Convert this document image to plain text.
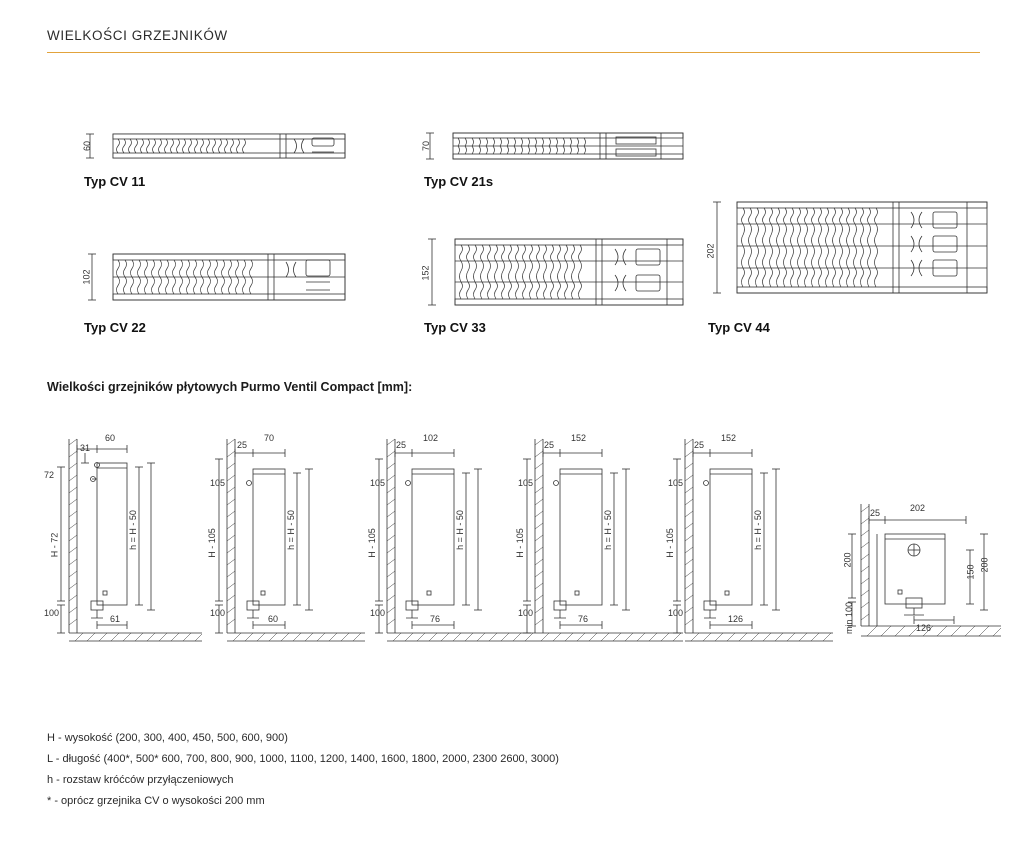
WIELKOŚCI GRZEJNIKÓW
60
Typ CV 11
70
Typ CV 21s
102
Typ CV 22
152
Typ CV 33
202
Typ CV 44
Wielkości grzejników płytowych Purmo Ventil Compact [mm]:
31
60
72
H - 72
100
h = H - 50
61
25
70
105
H - 105
100
h = H - 50
60
25
102
105
H - 105
100
h = H - 50
76
25
152
105
H - 105
100
h = H - 50
76
25
152
105
H - 105
100
h = H - 50
126
25	202
200
min 100
150 200
126
H - wysokość (200, 300, 400, 450, 500, 600, 900)
L - długość (400*, 500* 600, 700, 800, 900, 1000, 1100, 1200, 1400, 1600, 1800, 2000, 2300 2600, 3000)
h - rozstaw króćców przyłączeniowych
* - oprócz grzejnika CV o wysokości 200 mm
